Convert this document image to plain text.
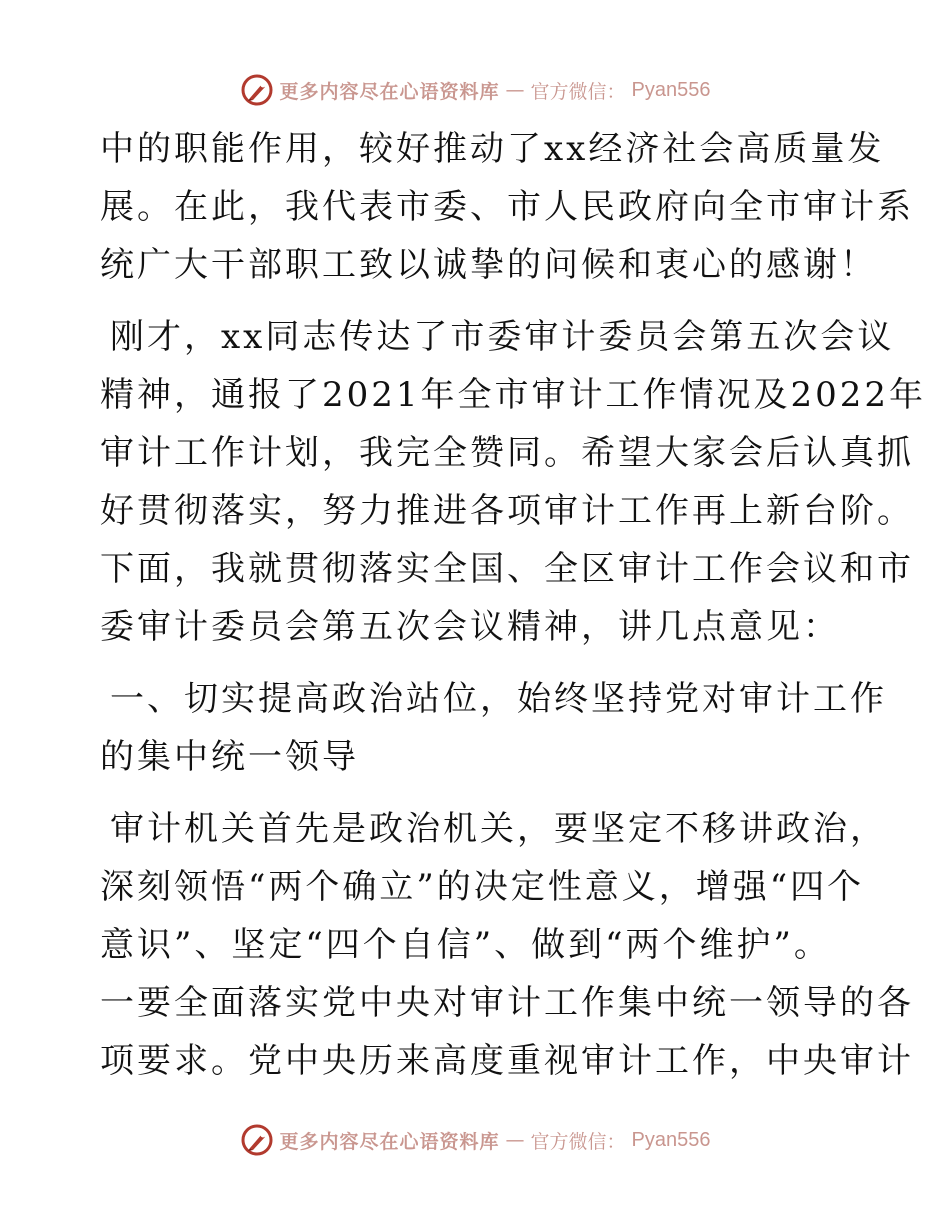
更多内容尽在心语资料库 — 官方微信： Pyan556
中的职能作用，较好推动了xx经济社会高质量发
展。在此，我代表市委、市人民政府向全市审计系
统广大干部职工致以诚挚的问候和衷心的感谢！
刚才，xx同志传达了市委审计委员会第五次会议
精神，通报了2021年全市审计工作情况及2022年
审计工作计划，我完全赞同。希望大家会后认真抓
好贯彻落实，努力推进各项审计工作再上新台阶。
下面，我就贯彻落实全国、全区审计工作会议和市
委审计委员会第五次会议精神，讲几点意见：
一、切实提高政治站位，始终坚持党对审计工作
的集中统一领导
审计机关首先是政治机关，要坚定不移讲政治，
深刻领悟“两个确立”的决定性意义，增强“四个
意识”、坚定“四个自信”、做到“两个维护”。
一要全面落实党中央对审计工作集中统一领导的各
项要求。党中央历来高度重视审计工作，中央审计
更多内容尽在心语资料库 — 官方微信： Pyan556
